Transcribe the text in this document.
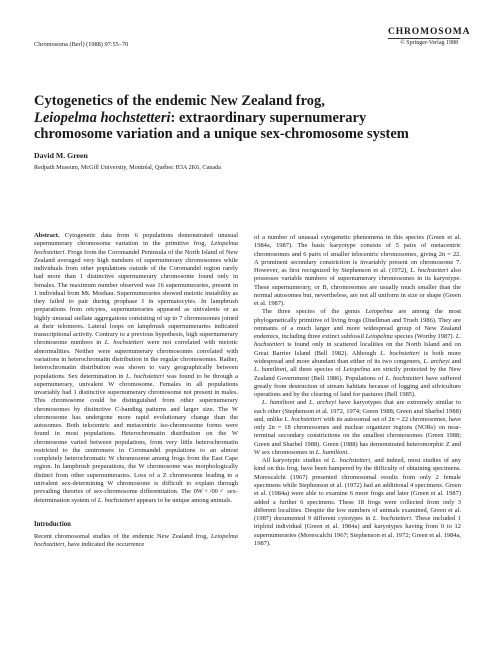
Chromosoma (Berl) (1988) 97:55–70
CHROMOSOMA
© Springer-Verlag 1988
Cytogenetics of the endemic New Zealand frog,
Leiopelma hochstetteri: extraordinary supernumerary
chromosome variation and a unique sex-chromosome system
David M. Green
Redpath Museum, McGill University, Montréal, Québec H3A 2K6, Canada

Abstract. Cytogenetic data from 6 populations demonstrated unusual supernumerary chromosome variation in the primitive frog, Leiopelma hochstetteri. Frogs from the Coromandel Peninsula of the North Island of New Zealand averaged very high numbers of supernumerary chromosomes while individuals from other populations outside of the Coromandel region rarely had more than 1 distinctive supernumerary chromosome found only in females. The maximum number observed was 16 supernumeraries, present in 1 individual from Mt. Moehau. Supernumeraries showed meiotic instability as they failed to pair during prophase I in spermatocytes. In lampbrush preparations from oöcytes, supernumeraries appeared as univalents or as highly unusual stellate aggregations consisting of up to 7 chromosomes joined at their telomeres. Lateral loops on lampbrush supernumeraries indicated transcriptional activity. Contrary to a previous hypothesis, high supernumerary chromosome numbers in L. hochstetteri were not correlated with meiotic abnormalities. Neither were supernumerary chromosomes correlated with variations in heterochromatin distribution in the regular chromosomes. Rather, heterochromatin distribution was shown to vary geographically between populations. Sex determination in L. hochstetteri was found to be through a supernumerary, univalent W chromosome. Females in all populations invariably had 1 distinctive supernumerary chromosome not present in males. This chromosome could be distinguished from other supernumerary chromosomes by distinctive C-banding patterns and larger size. The W chromosome has undergone more rapid evolutionary change than the autosomes. Both telocentric and metacentric iso-chromosome forms were found in most populations. Heterochromatin distribution on the W chromosome varied between populations, from very little heterochromatin restricted to the centromere in Coromandel populations to an almost completely heterochromatic W chromosome among frogs from the East Cape region. In lampbrush preparations, the W chromosome was morphologically distinct from other supernumeraries. Loss of a Z chromosome leading to a univalent sex-determining W chromosome is difficult to explain through prevailing theories of sex-chromosome differentiation. The 0W♀/00♂ sex-determination system of L. hochstetteri appears to be unique among animals.

Introduction

Recent chromosomal studies of the endemic New Zealand frog, Leiopelma hochstetteri, have indicated the occurrence

of a number of unusual cytogenetic phenomena in this species (Green et al. 1984a, 1987). The basic karyotype consists of 5 pairs of metacentric chromosomes and 6 pairs of smaller telocentric chromosomes, giving 2n = 22. A prominent secondary constriction is invariably present on chromosome 7. However, as first recognized by Stephenson et al. (1972), L. hochstetteri also possesses variable numbers of supernumerary chromosomes in its karyotype. These supernumerary, or B, chromosomes are usually much smaller than the normal autosomes but, nevertheless, are not all uniform in size or shape (Green et al. 1987).

The three species of the genus Leiopelma are among the most phylogenetically primitive of living frogs (Duellman and Trueb 1986). They are remnants of a much larger and more widespread group of New Zealand endemics, including three extinct subfossil Leiopelma species (Worthy 1987). L. hochstetteri is found only in scattered localities on the North Island and on Great Barrier Island (Bell 1982). Although L. hochstetteri is both more widespread and more abundant than either of its two congeners, L. archeyi and L. hamiltoni, all three species of Leiopelma are strictly protected by the New Zealand Government (Bell 1986). Populations of L. hochstetteri have suffered greatly from destruction of stream habitats because of logging and silviculture operations and by the clearing of land for pastures (Bell 1985).

L. hamiltoni and L. archeyi have karyotypes that are extremely similar to each other (Stephenson et al. 1972, 1974; Green 1988; Green and Sharbel 1988) and, unlike L. hochstetteri with its autosomal set of 2n = 22 chromosomes, have only 2n = 18 chromosomes and nuclear organizer regions (NORs) on near-terminal secondary constrictions on the smallest chromosomes (Green 1988; Green and Sharbel 1988). Green (1988) has demonstrated heteromorphic Z and W sex chromosomes in L. hamiltoni.

All karyotypic studies of L. hochstetteri, and indeed, most studies of any kind on this frog, have been hampered by the difficulty of obtaining specimens. Morescalchi (1967) presented chromosomal results from only 2 female specimens while Stephenson et al. (1972) had an additional 4 specimens. Green et al. (1984a) were able to examine 6 more frogs and later (Green et al. 1987) added a further 6 specimens. These 18 frogs were collected from only 3 different localities. Despite the low numbers of animals examined, Green et al. (1987) documented 9 different cytotypes in L. hochstetteri. These included 1 triploid individual (Green et al. 1984a) and karyotypes having from 0 to 12 supernumeraries (Morescalchi 1967; Stephenson et al. 1972; Green et al. 1984a, 1987).
